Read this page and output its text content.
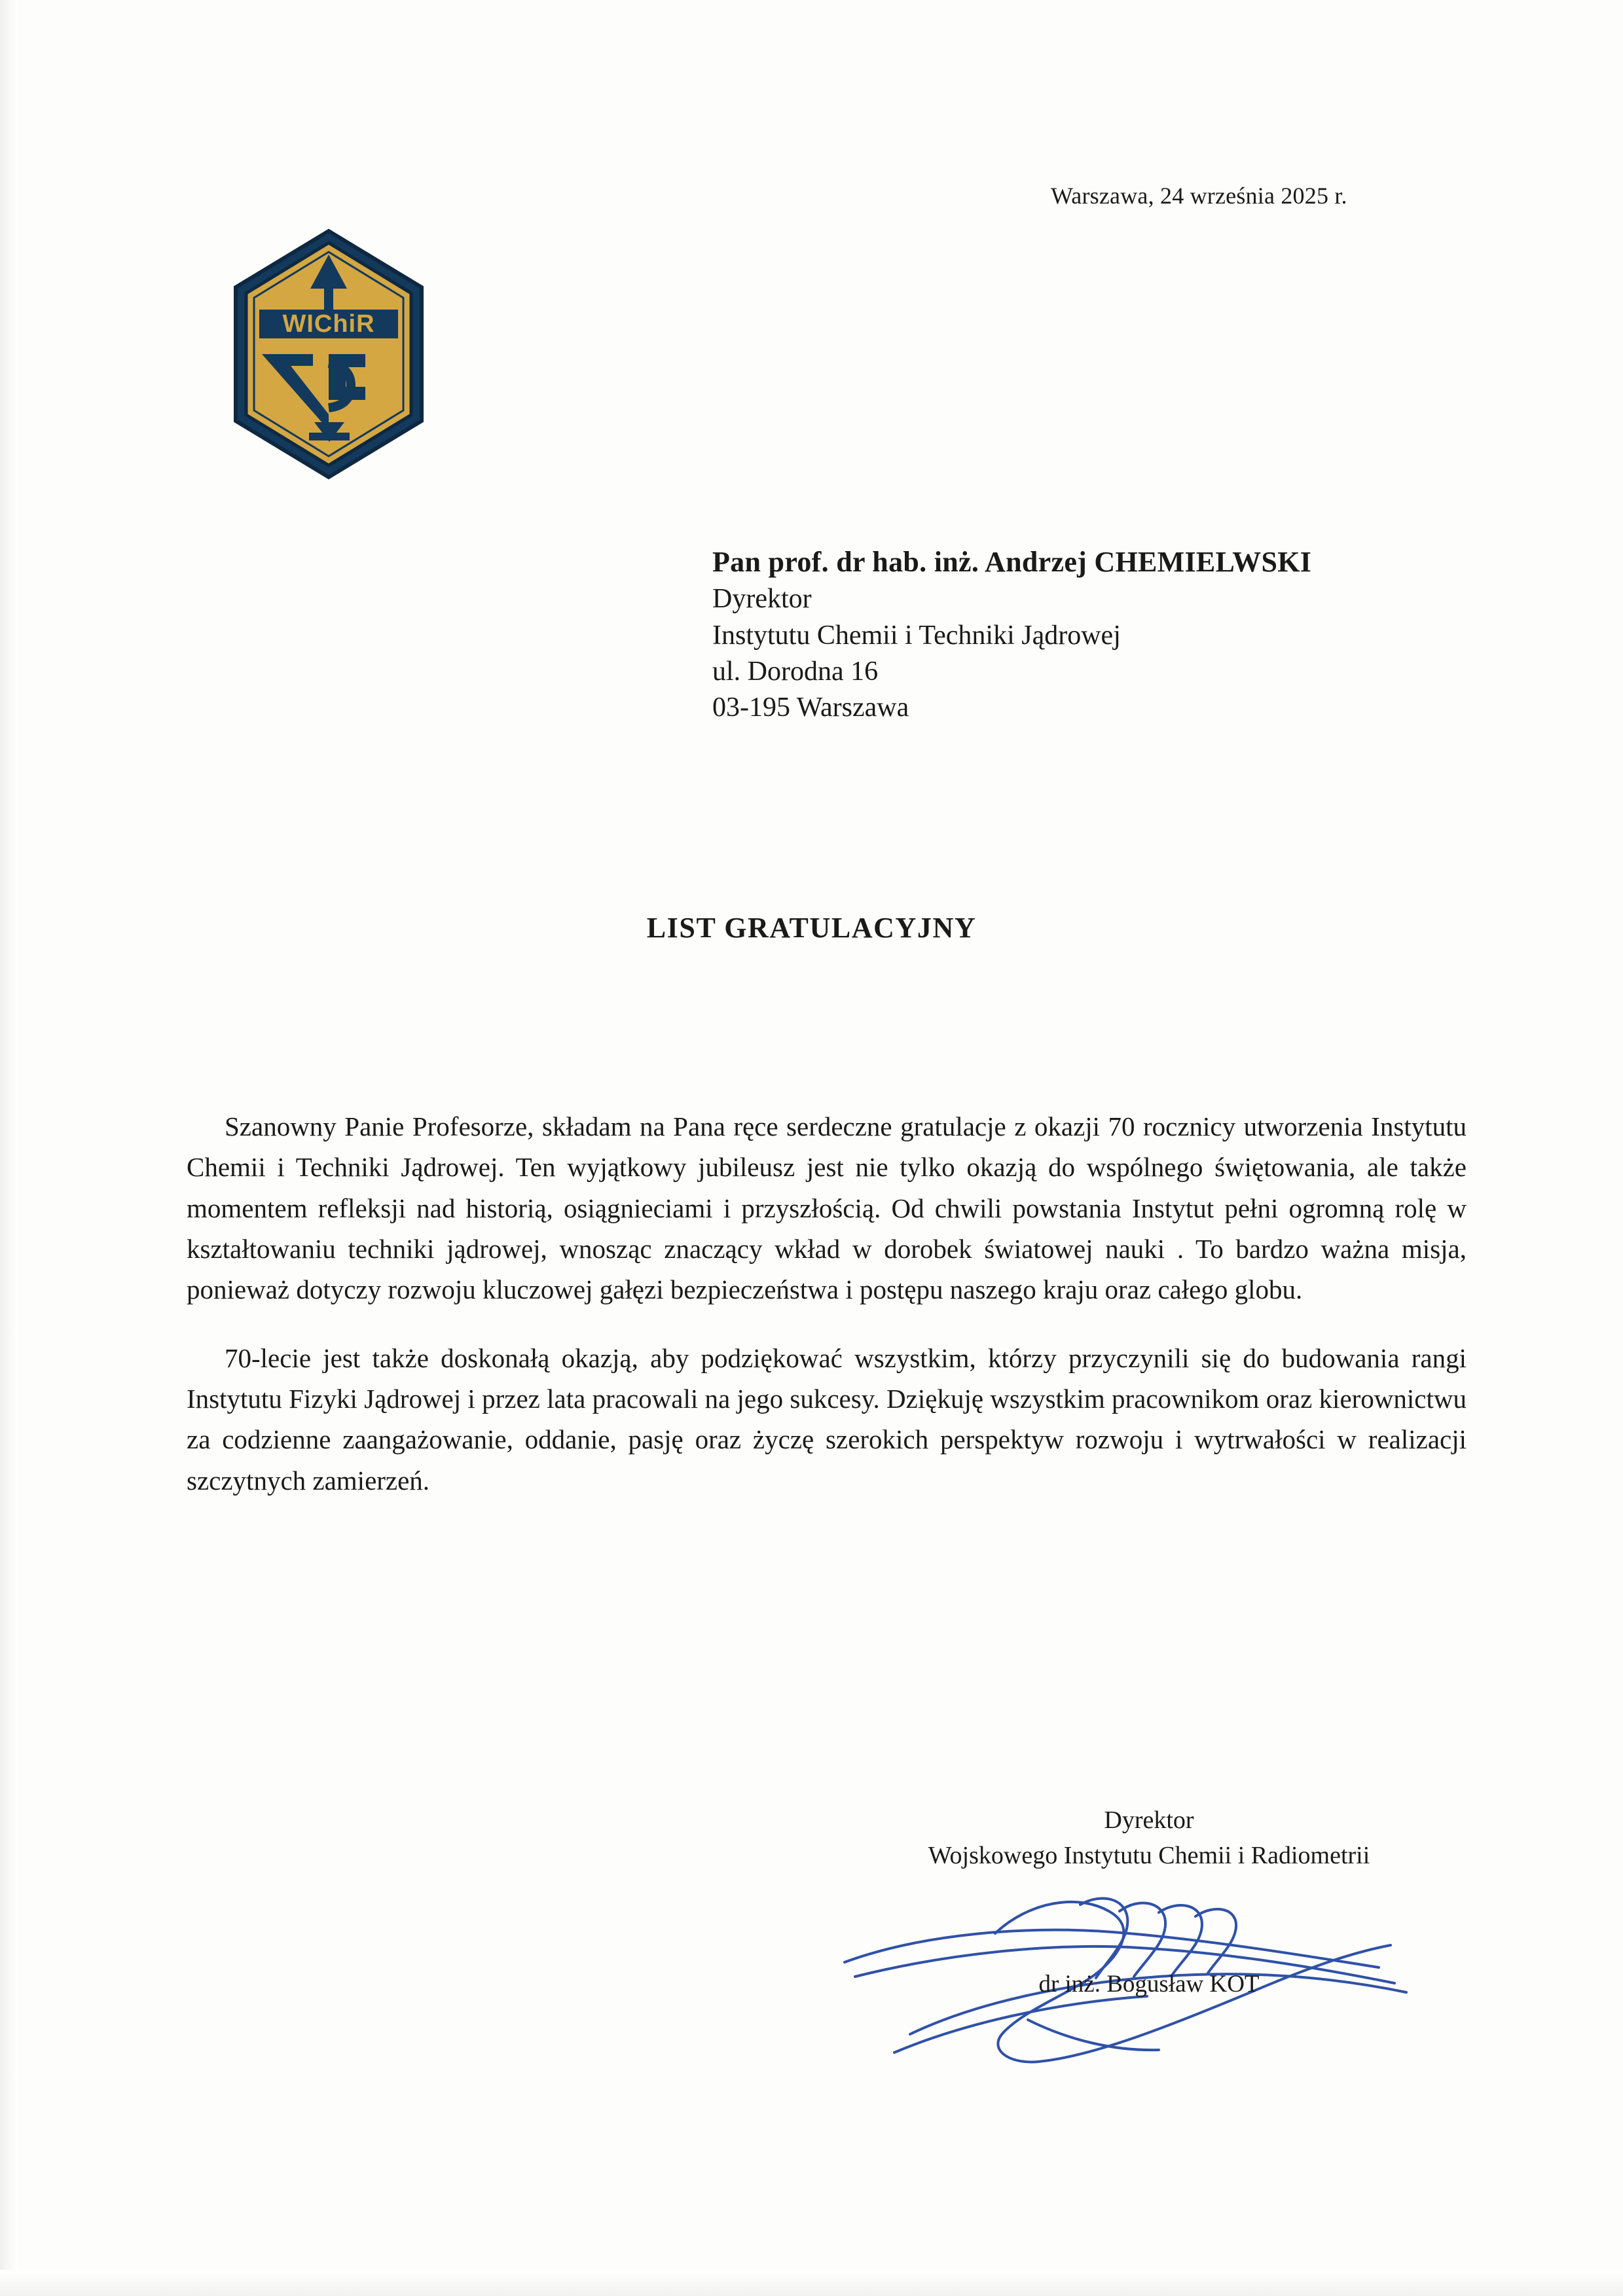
Warszawa, 24 września 2025 r.
WIChiR
Pan prof. dr hab. inż. Andrzej CHEMIELWSKI
Dyrektor
Instytutu Chemii i Techniki Jądrowej
ul. Dorodna 16
03-195 Warszawa
LIST GRATULACYJNY

Szanowny Panie Profesorze, składam na Pana ręce serdeczne gratulacje z okazji 70 rocznicy utworzenia Instytutu Chemii i Techniki Jądrowej. Ten wyjątkowy jubileusz jest nie tylko okazją do wspólnego świętowania, ale także momentem refleksji nad historią, osiągnieciami i przyszłością. Od chwili powstania Instytut pełni ogromną rolę w kształtowaniu techniki jądrowej, wnosząc znaczący wkład w dorobek światowej nauki . To bardzo ważna misja, ponieważ dotyczy rozwoju kluczowej gałęzi bezpieczeństwa i postępu naszego kraju oraz całego globu.

70-lecie jest także doskonałą okazją, aby podziękować wszystkim, którzy przyczynili się do budowania rangi Instytutu Fizyki Jądrowej i przez lata pracowali na jego sukcesy. Dziękuję wszystkim pracownikom oraz kierownictwu za codzienne zaangażowanie, oddanie, pasję oraz życzę szerokich perspektyw rozwoju i wytrwałości w realizacji szczytnych zamierzeń.

Dyrektor
Wojskowego Instytutu Chemii i Radiometrii
dr inż. Bogusław KOT
